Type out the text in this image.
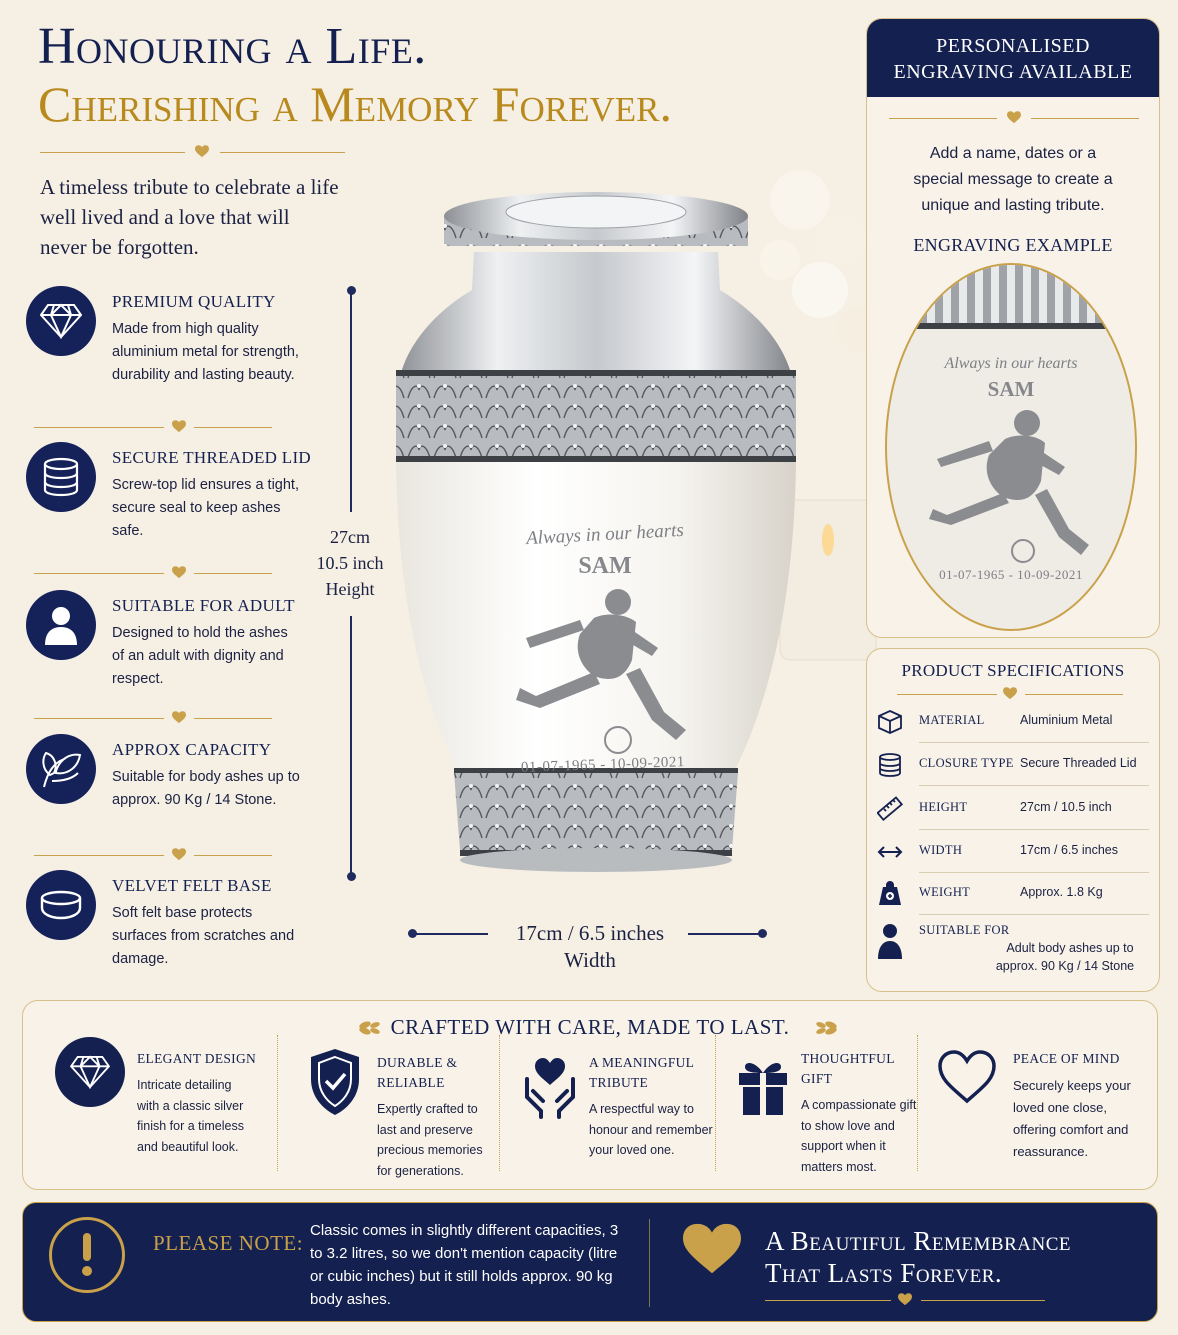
Honouring a Life.
Cherishing a Memory Forever.
A timeless tribute to celebrate a life well lived and a love that will never be forgotten.
PREMIUM QUALITY
Made from high quality aluminium metal for strength, durability and lasting beauty.
SECURE THREADED LID
Screw-top lid ensures a tight, secure seal to keep ashes safe.
SUITABLE FOR ADULT
Designed to hold the ashes of an adult with dignity and respect.
APPROX CAPACITY
Suitable for body ashes up to approx. 90 Kg / 14 Stone.
VELVET FELT BASE
Soft felt base protects surfaces from scratches and damage.
27cm
10.5 inch
Height
Always in our hearts
SAM
01-07-1965 - 10-09-2021
17cm / 6.5 inches
Width
PERSONALISED
ENGRAVING AVAILABLE
Add a name, dates or a special message to create a unique and lasting tribute.
ENGRAVING EXAMPLE
Always in our hearts
SAM
01-07-1965 - 10-09-2021
PRODUCT SPECIFICATIONS
MATERIAL	Aluminium Metal
CLOSURE TYPE Secure Threaded Lid
HEIGHT	27cm / 10.5 inch
WIDTH	17cm / 6.5 inches
WEIGHT	Approx. 1.8 Kg
SUITABLE FOR
Adult body ashes up to
approx. 90 Kg / 14 Stone
CRAFTED WITH CARE, MADE TO LAST.
ELEGANT DESIGN
Intricate detailing with a classic silver finish for a timeless and beautiful look.
DURABLE & RELIABLE
Expertly crafted to last and preserve precious memories for generations.
A MEANINGFUL TRIBUTE
A respectful way to honour and remember your loved one.
THOUGHTFUL GIFT
A compassionate gift to show love and support when it matters most.
PEACE OF MIND
Securely keeps your loved one close, offering comfort and reassurance.
PLEASE NOTE:
Classic comes in slightly different capacities, 3 to 3.2 litres, so we don't mention capacity (litre or cubic inches) but it still holds approx. 90 kg body ashes.
A Beautiful Remembrance
That Lasts Forever.
